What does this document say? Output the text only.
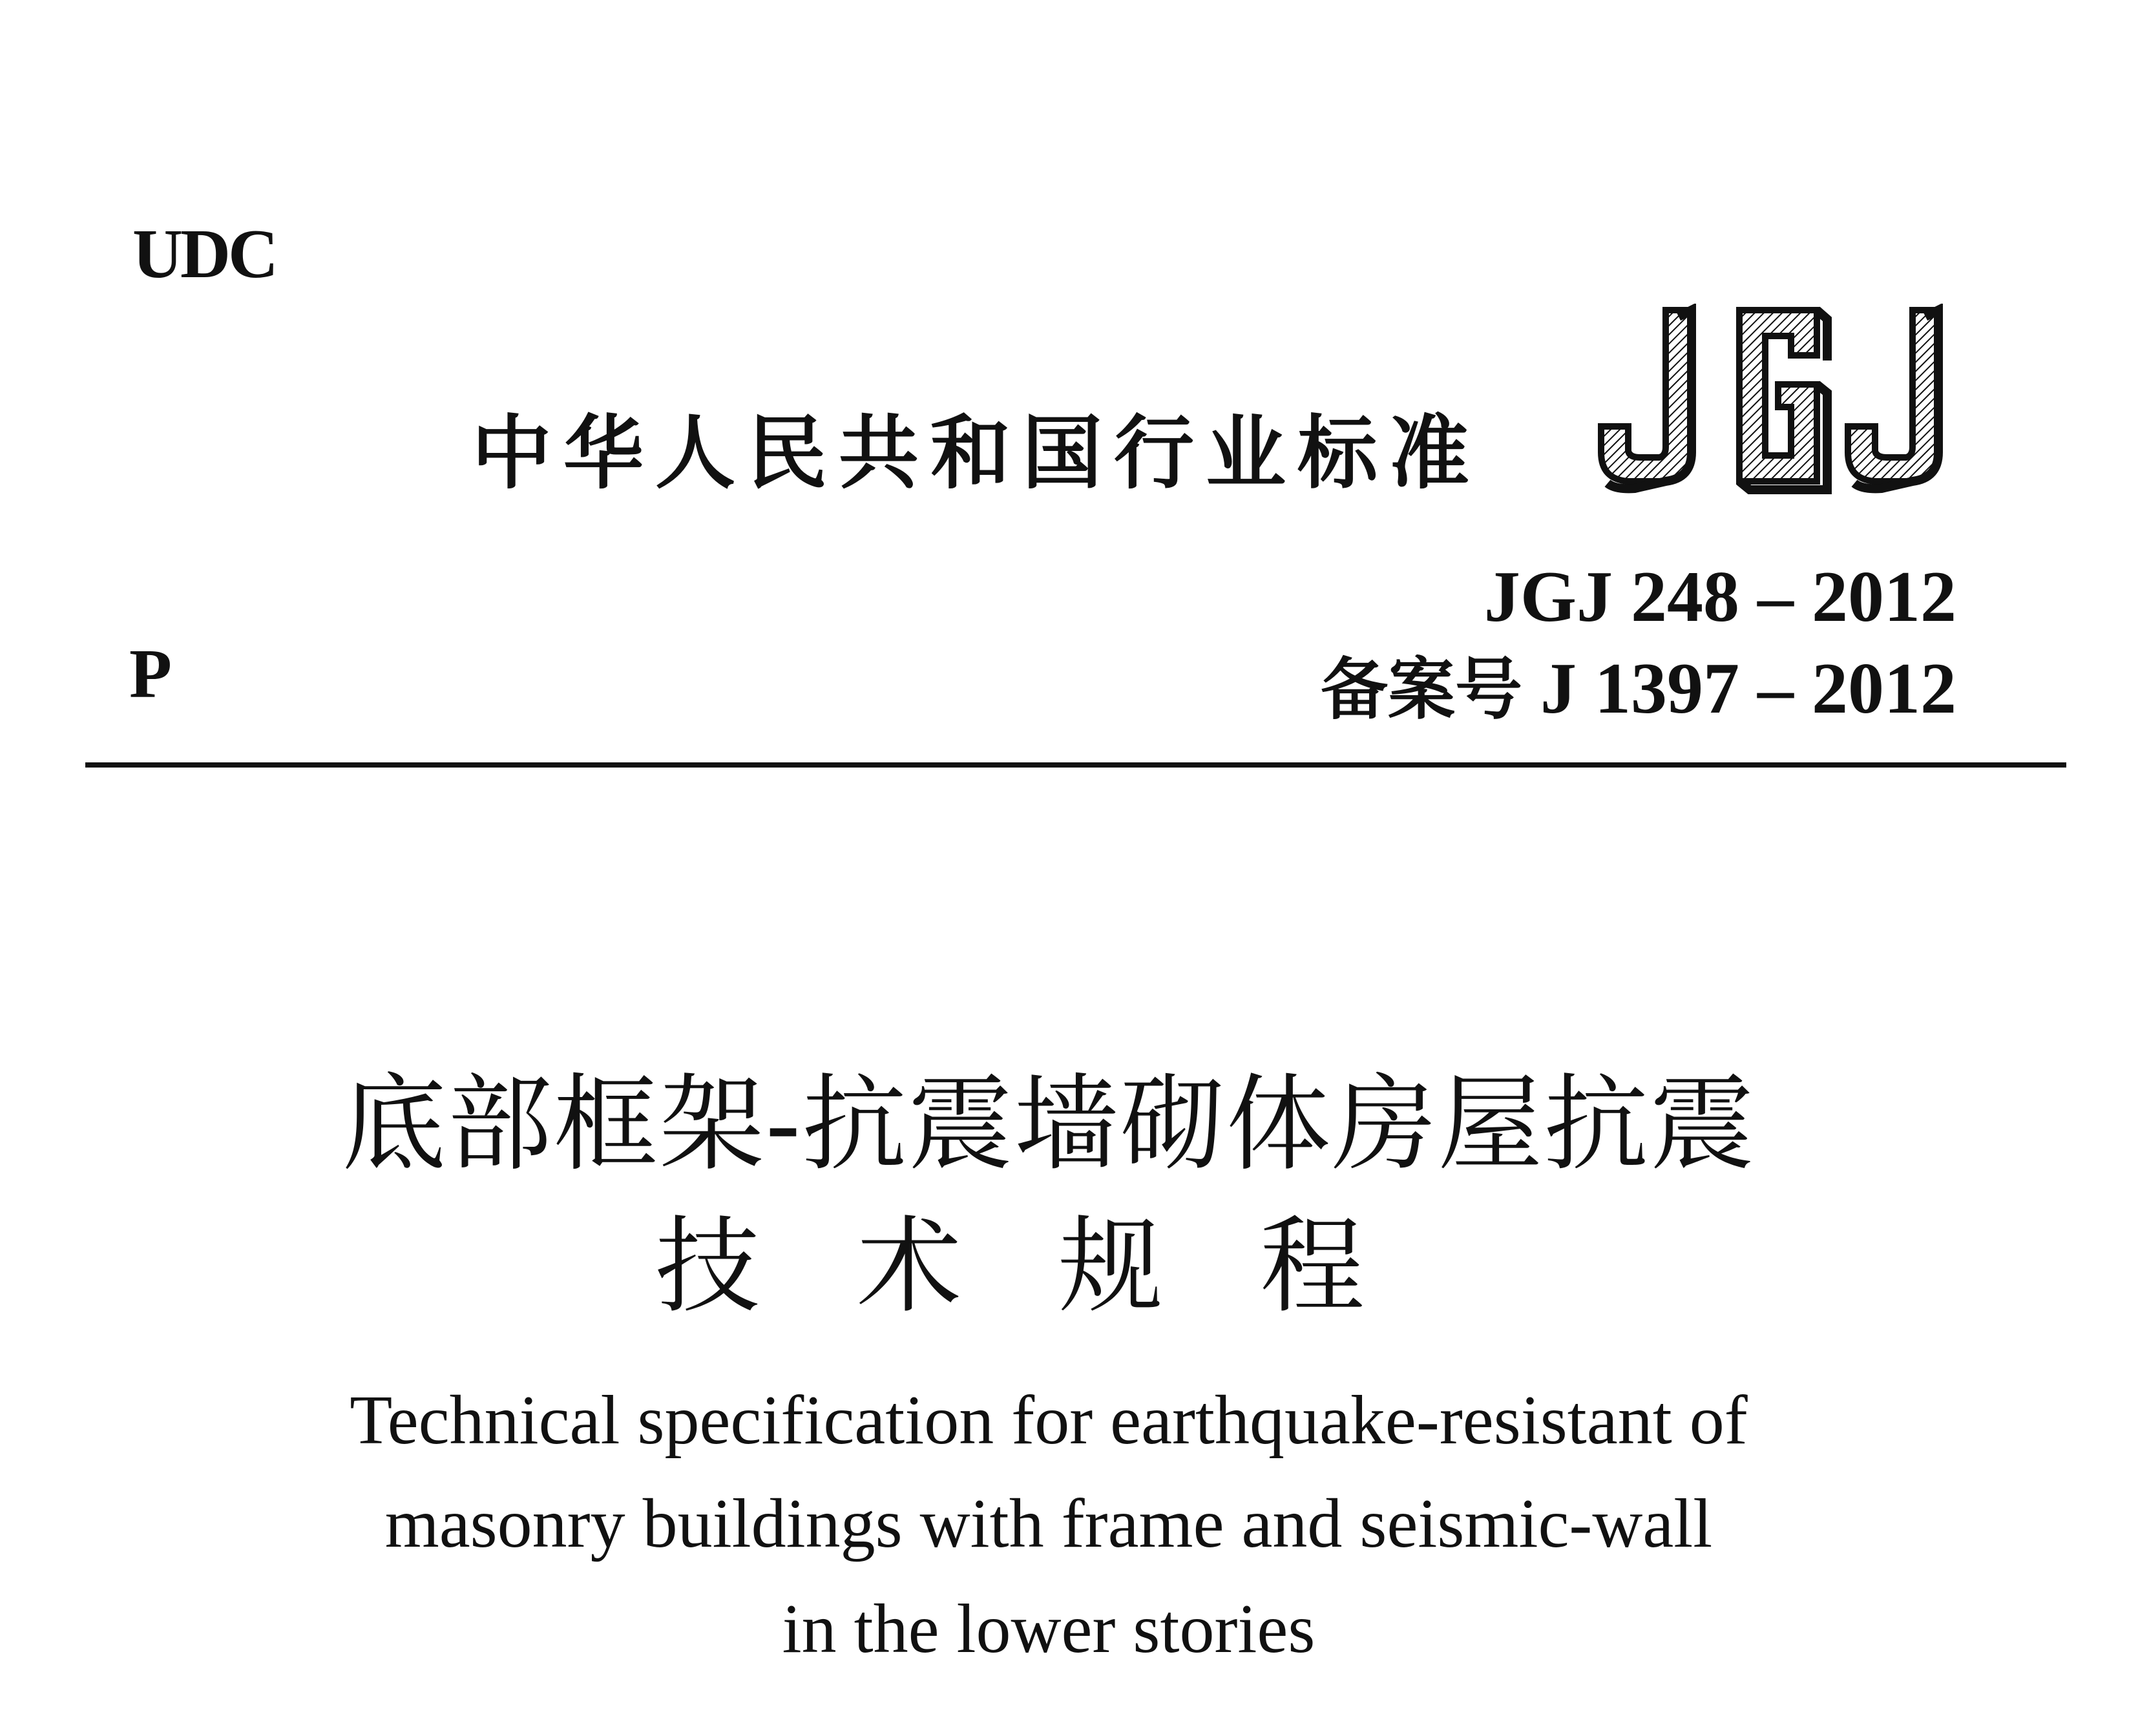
UDC
中华人民共和国行业标准
JGJ 248 – 2012
P	备案号 J 1397 – 2012
底部框架-抗震墙砌体房屋抗震
技术规程
Technical specification for earthquake-resistant of
masonry buildings with frame and seismic-wall
in the lower stories
